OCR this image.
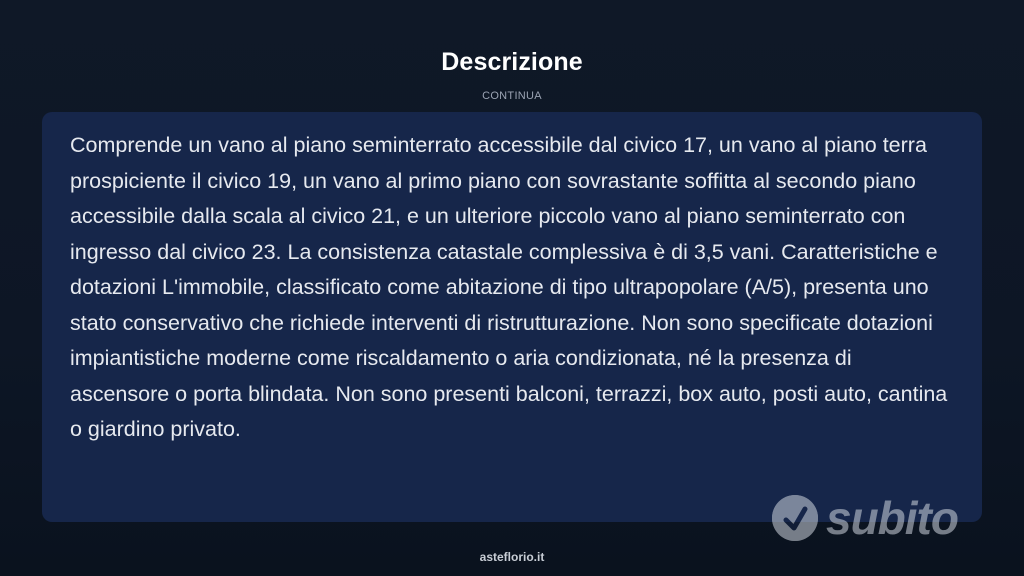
Descrizione
CONTINUA

Comprende un vano al piano seminterrato accessibile dal civico 17, un vano al piano terra prospiciente il civico 19, un vano al primo piano con sovrastante soffitta al secondo piano accessibile dalla scala al civico 21, e un ulteriore piccolo vano al piano seminterrato con ingresso dal civico 23. La consistenza catastale complessiva è di 3,5 vani. Caratteristiche e dotazioni L'immobile, classificato come abitazione di tipo ultrapopolare (A/5), presenta uno stato conservativo che richiede interventi di ristrutturazione. Non sono specificate dotazioni impiantistiche moderne come riscaldamento o aria condizionata, né la presenza di ascensore o porta blindata. Non sono presenti balconi, terrazzi, box auto, posti auto, cantina o giardino privato.

subito
asteflorio.it
